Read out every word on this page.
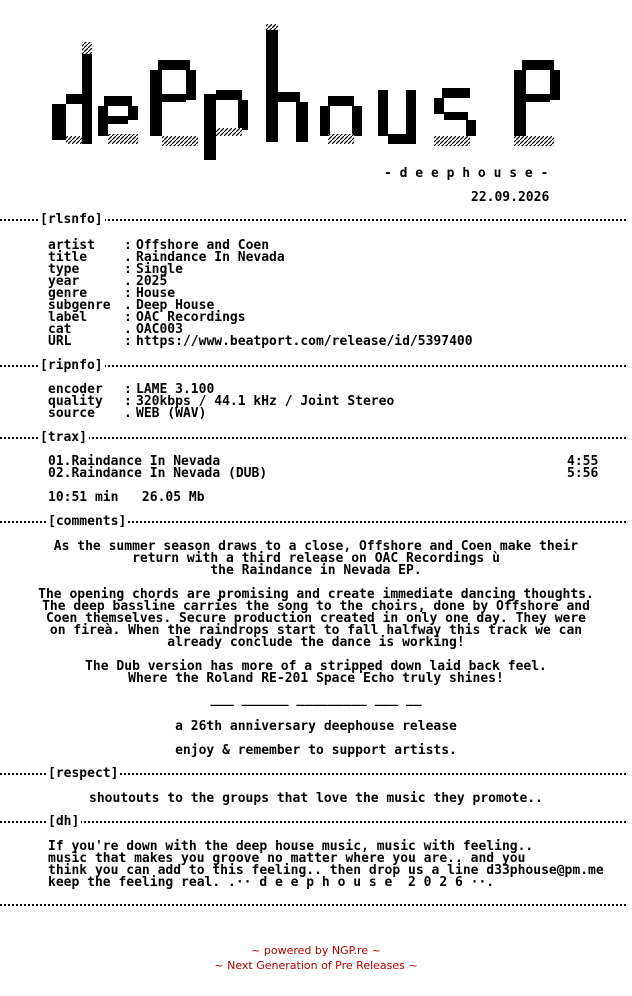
- d e e p h o u s e -
22.09.2026
[rlsnfo]
artist : Offshore and Coen
title	. Raindance In Nevada
type	: Single
year	. 2025
genre	: House
subgenre . Deep House
label	: OAC Recordings
cat	. OAC003
URL	: https://www.beatport.com/release/id/5397400
[ripnfo]
encoder : LAME 3.100
quality : 320kbps / 44.1 kHz / Joint Stereo
source . WEB (WAV)
[trax]
01.Raindance In Nevada	4:55
02.Raindance In Nevada (DUB)	5:56
10:51 min   26.05 Mb
[comments]
As the summer season draws to a close, Offshore and Coen make their
return with a third release on OAC Recordings ù
the Raindance in Nevada EP.
The opening chords are promising and create immediate dancing thoughts.
The deep bassline carries the song to the choirs, done by Offshore and
Coen themselves. Secure production created in only one day. They were
on fireà. When the raindrops start to fall halfway this track we can
already conclude the dance is working!
The Dub version has more of a stripped down laid back feel.
Where the Roland RE-201 Space Echo truly shines!
___ ______ _________ ___ __
a 26th anniversary deephouse release
enjoy & remember to support artists.
[respect]
shoutouts to the groups that love the music they promote..
[dh]
If you're down with the deep house music, music with feeling..
music that makes you groove no matter where you are.. and you
think you can add to this feeling.. then drop us a line d33phouse@pm.me
keep the feeling real. .·· d e e p h o u s e  2 0 2 6 ··.
~ powered by NGP.re ~
~ Next Generation of Pre Releases ~
